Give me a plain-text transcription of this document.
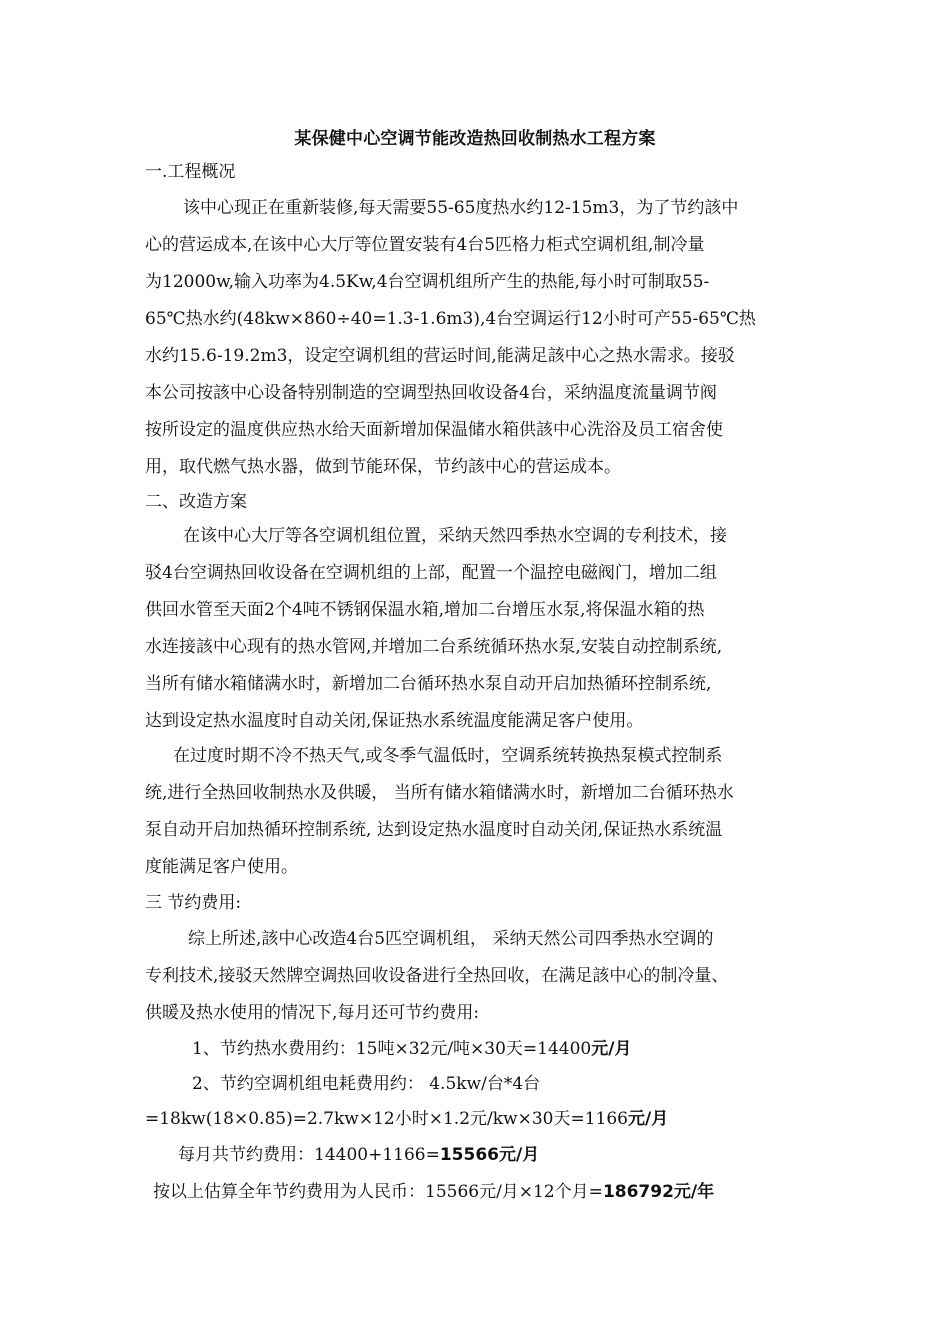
某保健中心空调节能改造热回收制热水工程方案
一.工程概况
该中心现正在重新装修,每天需要55-65度热水约12-15m3，为了节约該中
心的营运成本,在该中心大厅等位置安装有4台5匹格力柜式空调机组,制冷量
为12000w,输入功率为4.5Kw,4台空调机组所产生的热能,每小时可制取55-
65℃热水约(48kw×860÷40=1.3-1.6m3),4台空调运行12小时可产55-65℃热
水约15.6-19.2m3，设定空调机组的营运时间,能满足該中心之热水需求。接驳
本公司按該中心设备特别制造的空调型热回收设备4台，采纳温度流量调节阀
按所设定的温度供应热水给天面新增加保温储水箱供該中心洗浴及员工宿舍使
用，取代燃气热水器，做到节能环保，节约該中心的营运成本。
二、改造方案
在该中心大厅等各空调机组位置，采纳天然四季热水空调的专利技术，接
驳4台空调热回收设备在空调机组的上部，配置一个温控电磁阀门，增加二组
供回水管至天面2个4吨不锈钢保温水箱,增加二台增压水泵,将保温水箱的热
水连接該中心现有的热水管网,并增加二台系统循环热水泵,安装自动控制系统,
当所有储水箱储满水时，新增加二台循环热水泵自动开启加热循环控制系统,
达到设定热水温度时自动关闭,保证热水系统温度能满足客户使用。
在过度时期不冷不热天气,或冬季气温低时，空调系统转换热泵模式控制系
统,进行全热回收制热水及供暖， 当所有储水箱储满水时，新增加二台循环热水
泵自动开启加热循环控制系统, 达到设定热水温度时自动关闭,保证热水系统温
度能满足客户使用。
三 节约费用:
综上所述,該中心改造4台5匹空调机组， 采纳天然公司四季热水空调的
专利技术,接驳天然牌空调热回收设备进行全热回收，在满足該中心的制冷量、
供暖及热水使用的情况下,每月还可节约费用:
1、节约热水费用约：15吨×32元/吨×30天=14400元/月
2、节约空调机组电耗费用约： 4.5kw/台*4台
=18kw(18×0.85)=2.7kw×12小时×1.2元/kw×30天=1166元/月
每月共节约费用：14400+1166=15566元/月
按以上估算全年节约费用为人民币：15566元/月×12个月=186792元/年
